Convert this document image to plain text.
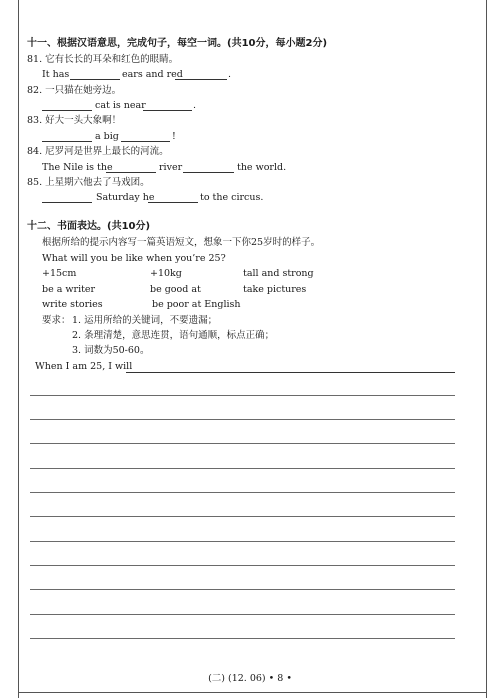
十一、根据汉语意思，完成句子，每空一词。(共10分，每小题2分)
81. 它有长长的耳朵和红色的眼睛。
It has	ears and red	.
82. 一只猫在她旁边。
cat is near	.
83. 好大一头大象啊！
a big	!
84. 尼罗河是世界上最长的河流。
The Nile is the	river	the world.
85. 上星期六他去了马戏团。
Saturday he	to the circus.
十二、书面表达。(共10分)
根据所给的提示内容写一篇英语短文，想象一下你25岁时的样子。
What will you be like when you’re 25?
+15cm	+10kg	tall and strong
be a writer	be good at	take pictures
write stories	be poor at English
要求： 1. 运用所给的关键词，不要遗漏；
2. 条理清楚，意思连贯，语句通顺，标点正确；
3. 词数为50-60。
When I am 25, I will
(二) (12. 06) • 8 •
